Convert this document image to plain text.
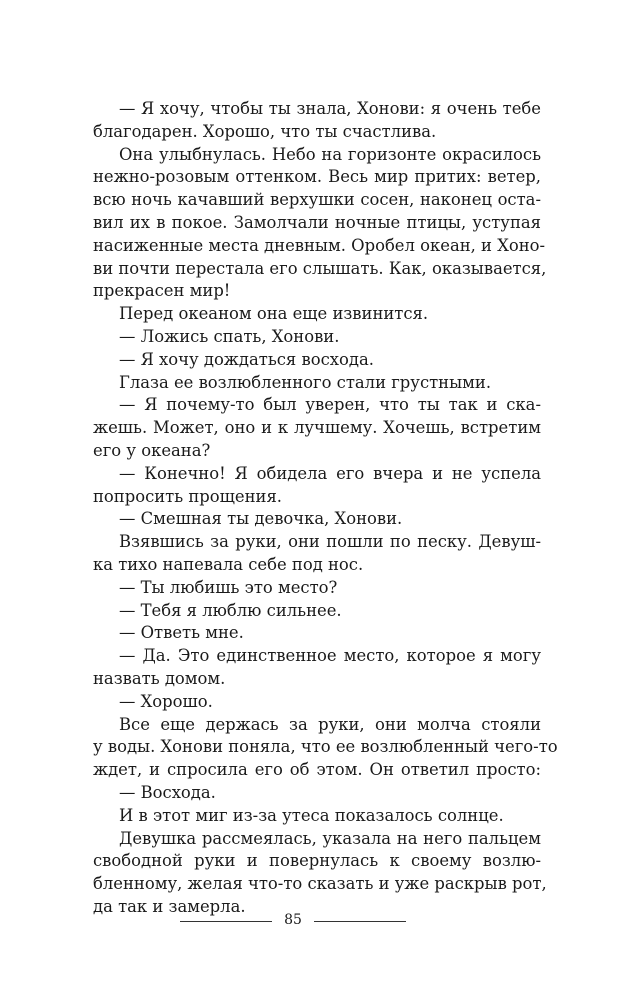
— Я хочу, чтобы ты знала, Хонови: я очень тебе
благодарен. Хорошо, что ты счастлива.
Она улыбнулась. Небо на горизонте окрасилось
нежно-розовым оттенком. Весь мир притих: ветер,
всю ночь качавший верхушки сосен, наконец оста-
вил их в покое. Замолчали ночные птицы, уступая
насиженные места дневным. Оробел океан, и Хоно-
ви почти перестала его слышать. Как, оказывается,
прекрасен мир!
Перед океаном она еще извинится.
— Ложись спать, Хонови.
— Я хочу дождаться восхода.
Глаза ее возлюбленного стали грустными.
— Я почему-то был уверен, что ты так и ска-
жешь. Может, оно и к лучшему. Хочешь, встретим
его у океана?
— Конечно! Я обидела его вчера и не успела
попросить прощения.
— Смешная ты девочка, Хонови.
Взявшись за руки, они пошли по песку. Девуш-
ка тихо напевала себе под нос.
— Ты любишь это место?
— Тебя я люблю сильнее.
— Ответь мне.
— Да. Это единственное место, которое я могу
назвать домом.
— Хорошо.
Все еще держась за руки, они молча стояли
у воды. Хонови поняла, что ее возлюбленный чего-то
ждет, и спросила его об этом. Он ответил просто:
— Восхода.
И в этот миг из-за утеса показалось солнце.
Девушка рассмеялась, указала на него пальцем
свободной руки и повернулась к своему возлю-
бленному, желая что-то сказать и уже раскрыв рот,
да так и замерла.
85
